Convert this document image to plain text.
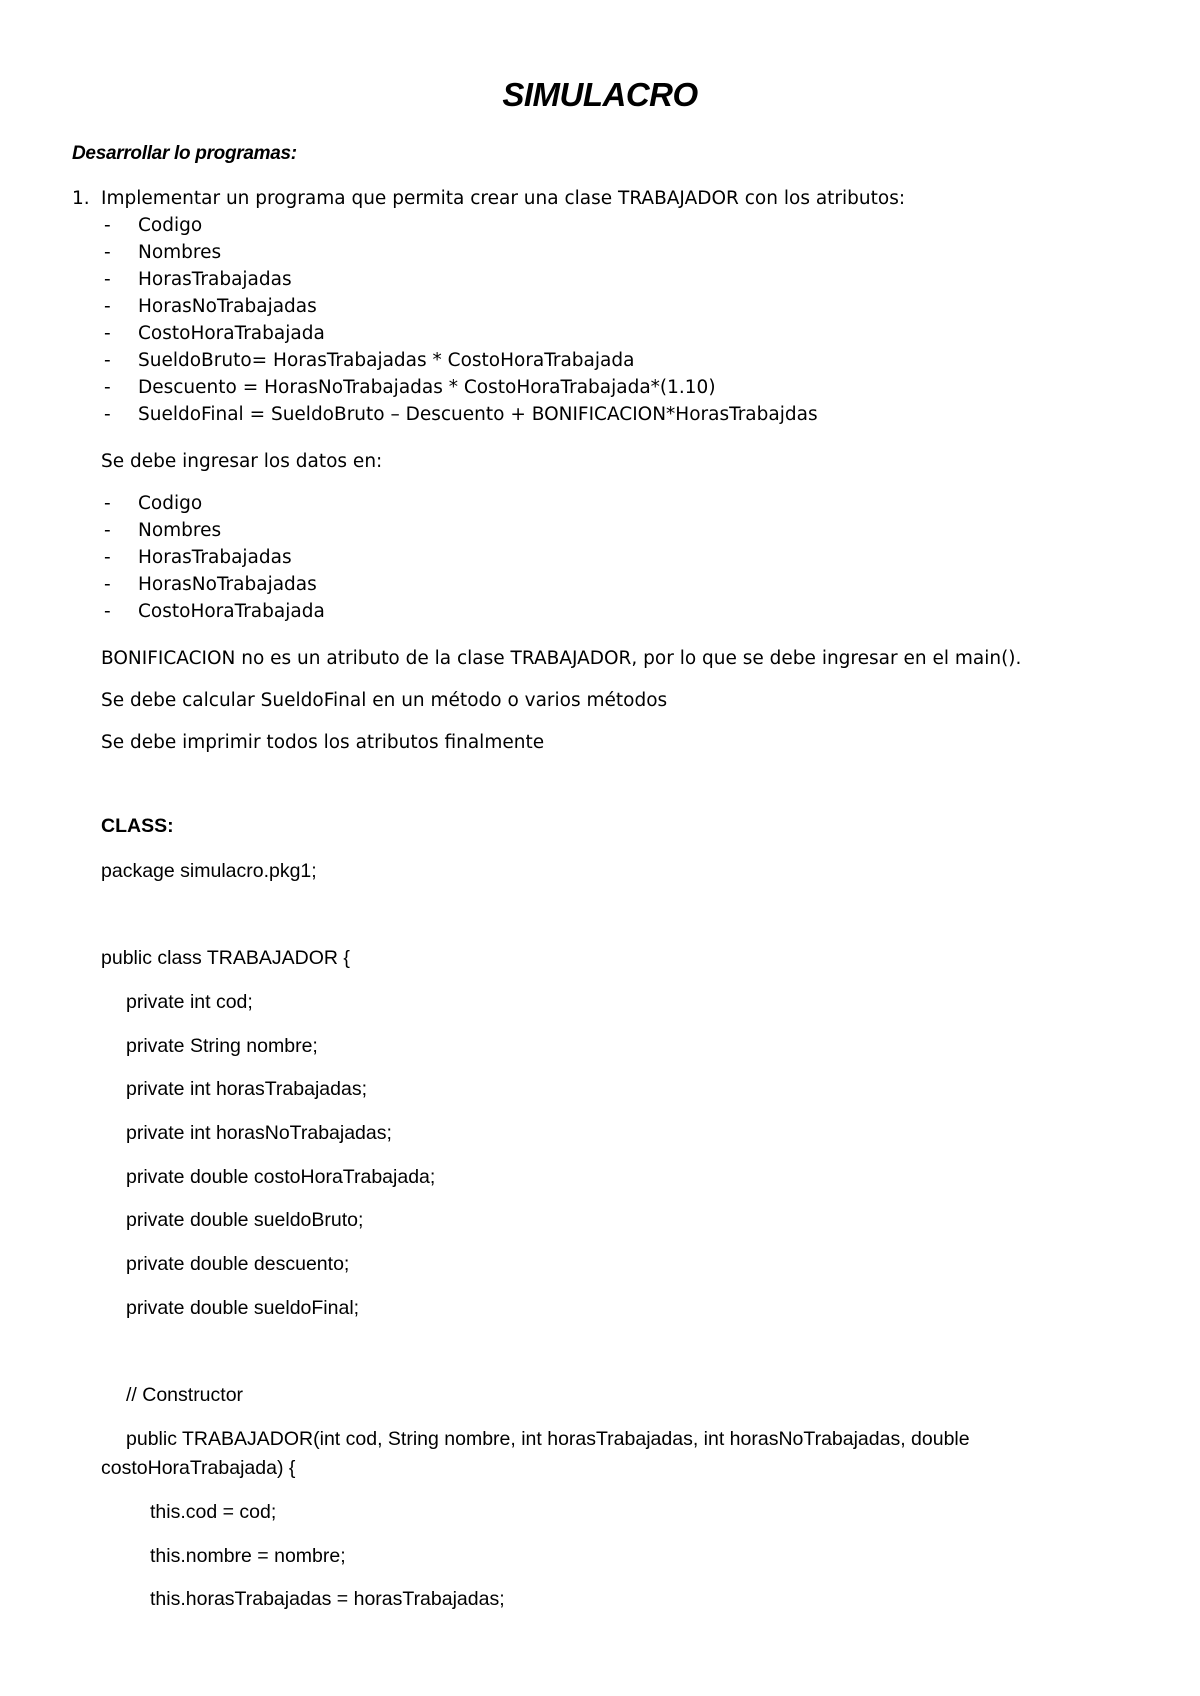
SIMULACRO
Desarrollar lo programas:
1. Implementar un programa que permita crear una clase TRABAJADOR con los atributos:
- Codigo
- Nombres
- HorasTrabajadas
- HorasNoTrabajadas
- CostoHoraTrabajada
- SueldoBruto= HorasTrabajadas * CostoHoraTrabajada
- Descuento = HorasNoTrabajadas * CostoHoraTrabajada*(1.10)
- SueldoFinal = SueldoBruto – Descuento + BONIFICACION*HorasTrabajdas
Se debe ingresar los datos en:
- Codigo
- Nombres
- HorasTrabajadas
- HorasNoTrabajadas
- CostoHoraTrabajada
BONIFICACION no es un atributo de la clase TRABAJADOR, por lo que se debe ingresar en el main().
Se debe calcular SueldoFinal en un método o varios métodos
Se debe imprimir todos los atributos finalmente
CLASS:
package simulacro.pkg1;
public class TRABAJADOR {
private int cod;
private String nombre;
private int horasTrabajadas;
private int horasNoTrabajadas;
private double costoHoraTrabajada;
private double sueldoBruto;
private double descuento;
private double sueldoFinal;
// Constructor
public TRABAJADOR(int cod, String nombre, int horasTrabajadas, int horasNoTrabajadas, double
costoHoraTrabajada) {
this.cod = cod;
this.nombre = nombre;
this.horasTrabajadas = horasTrabajadas;
